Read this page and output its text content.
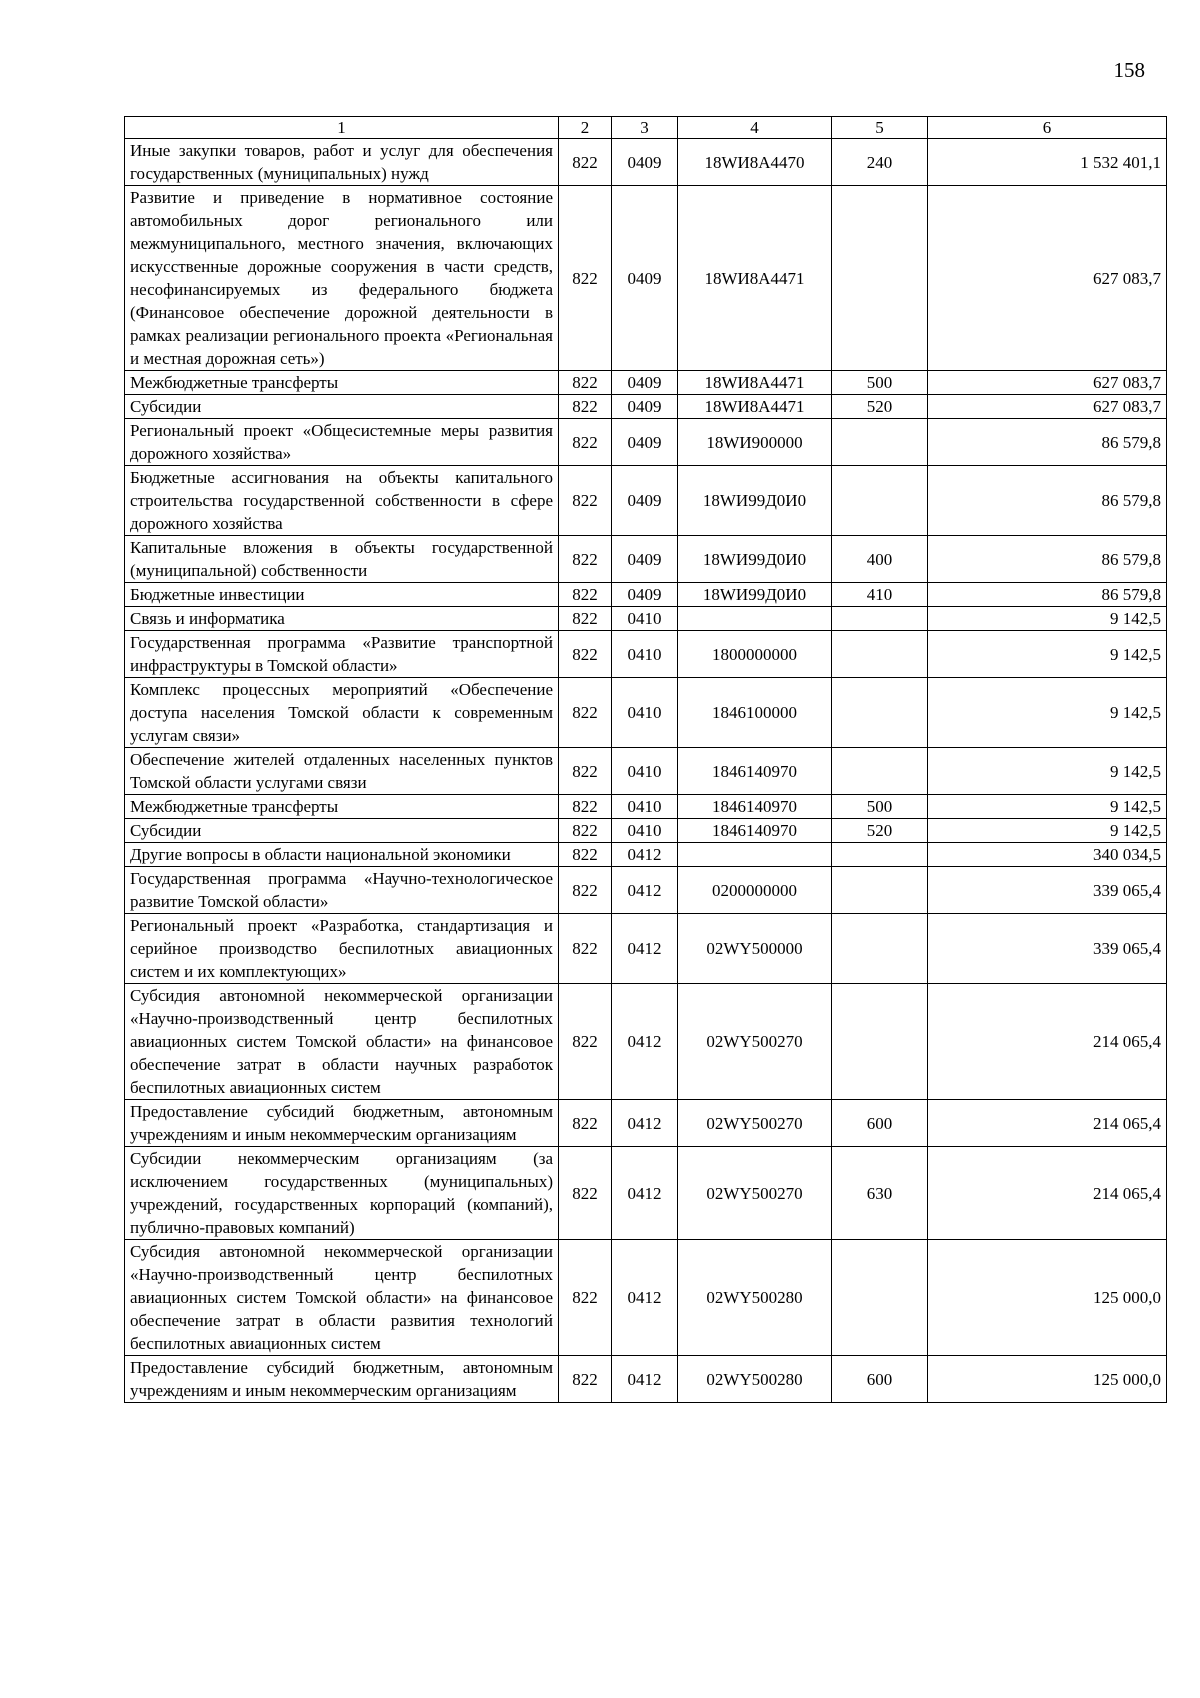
158
1	2	3	4	5	6
Иные закупки товаров, работ и услуг для обеспечения государственных (муниципальных) нужд	822	0409	18WИ8А4470	240	1 532 401,1
Развитие и приведение в нормативное состояние автомобильных дорог регионального или межмуниципального, местного значения, включающих искусственные дорожные сооружения в части средств, несофинансируемых из федерального бюджета (Финансовое обеспечение дорожной деятельности в рамках реализации регионального проекта «Региональная и местная дорожная сеть»)	822	0409	18WИ8А4471		627 083,7
Межбюджетные трансферты	822	0409	18WИ8А4471	500	627 083,7
Субсидии	822	0409	18WИ8А4471	520	627 083,7
Региональный проект «Общесистемные меры развития дорожного хозяйства»	822	0409	18WИ900000		86 579,8
Бюджетные ассигнования на объекты капитального строительства государственной собственности в сфере дорожного хозяйства	822	0409	18WИ99Д0И0		86 579,8
Капитальные вложения в объекты государственной (муниципальной) собственности	822	0409	18WИ99Д0И0	400	86 579,8
Бюджетные инвестиции	822	0409	18WИ99Д0И0	410	86 579,8
Связь и информатика	822	0410			9 142,5
Государственная программа «Развитие транспортной инфраструктуры в Томской области»	822	0410	1800000000		9 142,5
Комплекс процессных мероприятий «Обеспечение доступа населения Томской области к современным услугам связи»	822	0410	1846100000		9 142,5
Обеспечение жителей отдаленных населенных пунктов Томской области услугами связи	822	0410	1846140970		9 142,5
Межбюджетные трансферты	822	0410	1846140970	500	9 142,5
Субсидии	822	0410	1846140970	520	9 142,5
Другие вопросы в области национальной экономики	822	0412			340 034,5
Государственная программа «Научно-технологическое развитие Томской области»	822	0412	0200000000		339 065,4
Региональный проект «Разработка, стандартизация и серийное производство беспилотных авиационных систем и их комплектующих»	822	0412	02WY500000		339 065,4
Субсидия автономной некоммерческой организации «Научно-производственный центр беспилотных авиационных систем Томской области» на финансовое обеспечение затрат в области научных разработок беспилотных авиационных систем	822	0412	02WY500270		214 065,4
Предоставление субсидий бюджетным, автономным учреждениям и иным некоммерческим организациям	822	0412	02WY500270	600	214 065,4
Субсидии некоммерческим организациям (за исключением государственных (муниципальных) учреждений, государственных корпораций (компаний), публично-правовых компаний)	822	0412	02WY500270	630	214 065,4
Субсидия автономной некоммерческой организации «Научно-производственный центр беспилотных авиационных систем Томской области» на финансовое обеспечение затрат в области развития технологий беспилотных авиационных систем	822	0412	02WY500280		125 000,0
Предоставление субсидий бюджетным, автономным учреждениям и иным некоммерческим организациям	822	0412	02WY500280	600	125 000,0
